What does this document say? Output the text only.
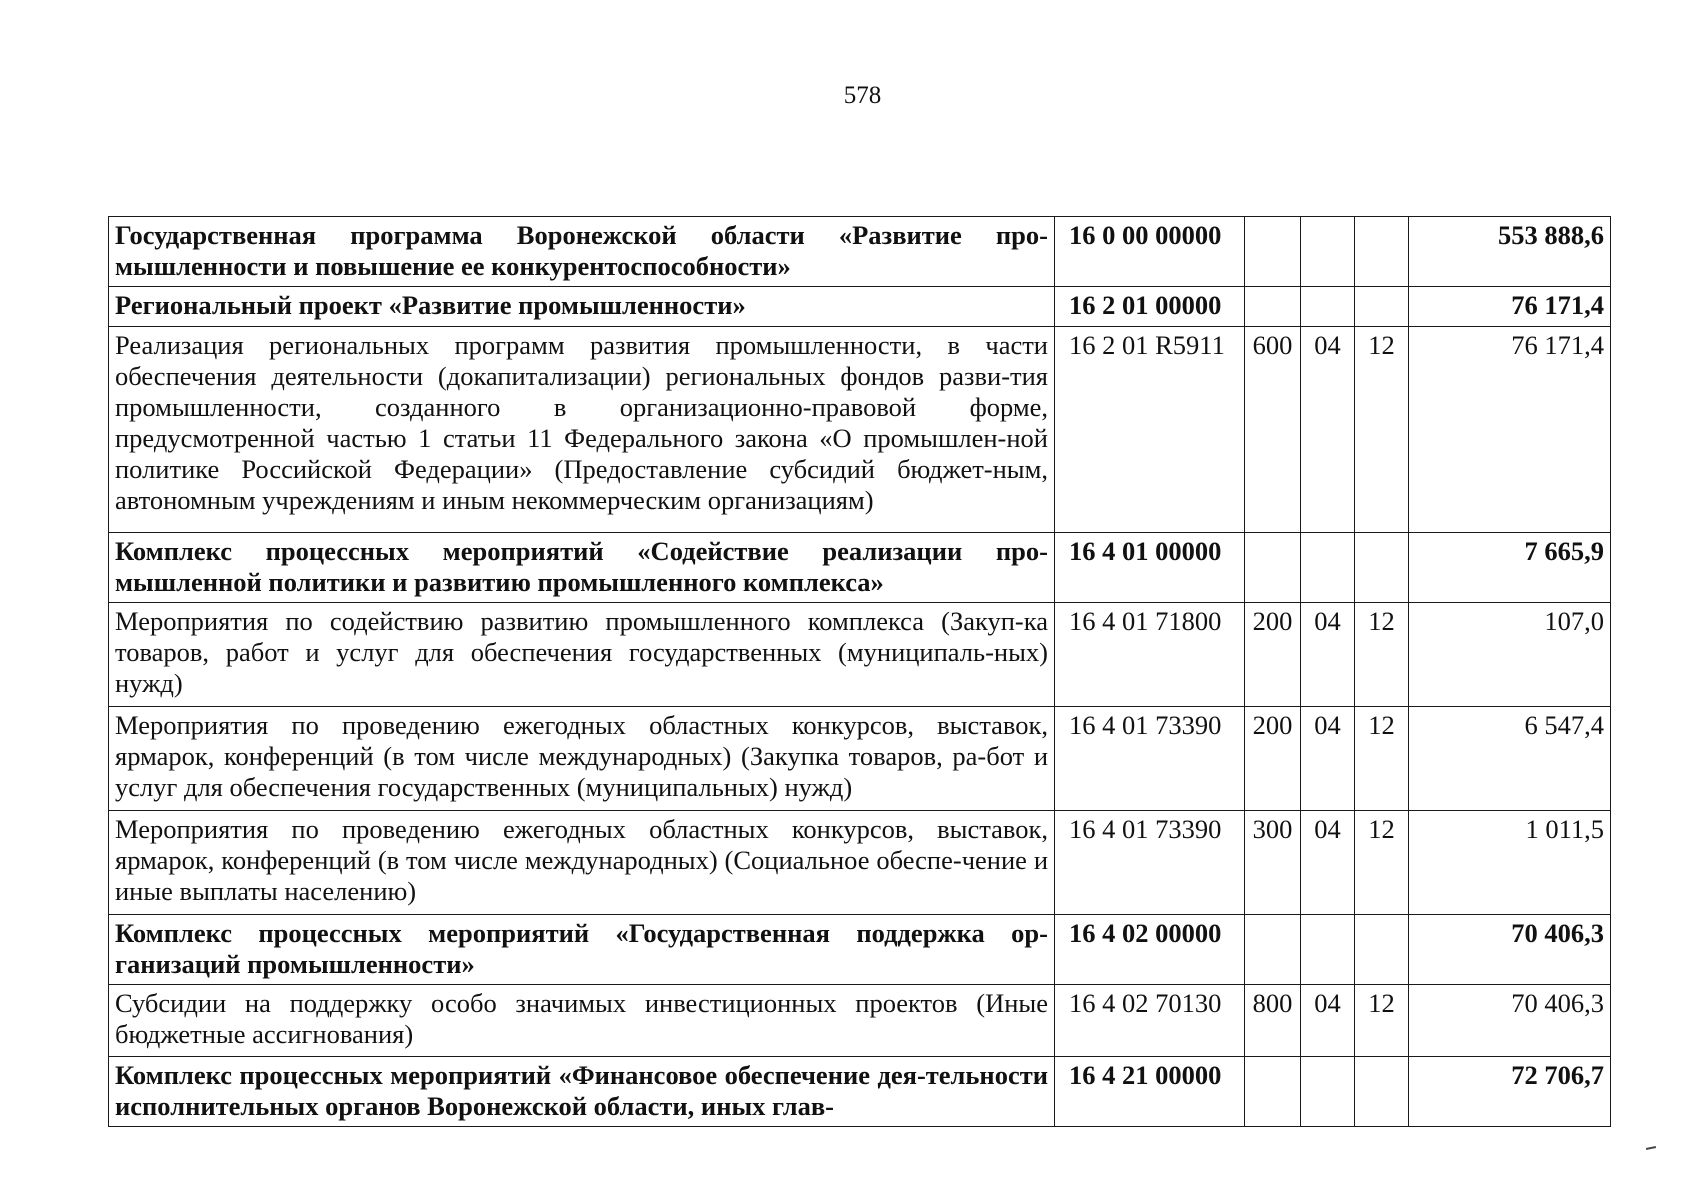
578
Государственная программа Воронежской области «Развитие про-мышленности и повышение ее конкурентоспособности»	16 0 00 00000				553 888,6
Региональный проект «Развитие промышленности»	16 2 01 00000				76 171,4
Реализация региональных программ развития промышленности, в части обеспечения деятельности (докапитализации) региональных фондов разви-тия промышленности, созданного в организационно-правовой форме, предусмотренной частью 1 статьи 11 Федерального закона «О промышлен-ной политике Российской Федерации» (Предоставление субсидий бюджет-ным, автономным учреждениям и иным некоммерческим организациям)	16 2 01 R5911	600	04	12	76 171,4
Комплекс процессных мероприятий «Содействие реализации про-мышленной политики и развитию промышленного комплекса»	16 4 01 00000				7 665,9
Мероприятия по содействию развитию промышленного комплекса (Закуп-ка товаров, работ и услуг для обеспечения государственных (муниципаль-ных) нужд)	16 4 01 71800	200	04	12	107,0
Мероприятия по проведению ежегодных областных конкурсов, выставок, ярмарок, конференций (в том числе международных) (Закупка товаров, ра-бот и услуг для обеспечения государственных (муниципальных) нужд)	16 4 01 73390	200	04	12	6 547,4
Мероприятия по проведению ежегодных областных конкурсов, выставок, ярмарок, конференций (в том числе международных) (Социальное обеспе-чение и иные выплаты населению)	16 4 01 73390	300	04	12	1 011,5
Комплекс процессных мероприятий «Государственная поддержка ор-ганизаций промышленности»	16 4 02 00000				70 406,3
Субсидии на поддержку особо значимых инвестиционных проектов (Иные бюджетные ассигнования)	16 4 02 70130	800	04	12	70 406,3
Комплекс процессных мероприятий «Финансовое обеспечение дея-тельности исполнительных органов Воронежской области, иных глав-	16 4 21 00000				72 706,7
